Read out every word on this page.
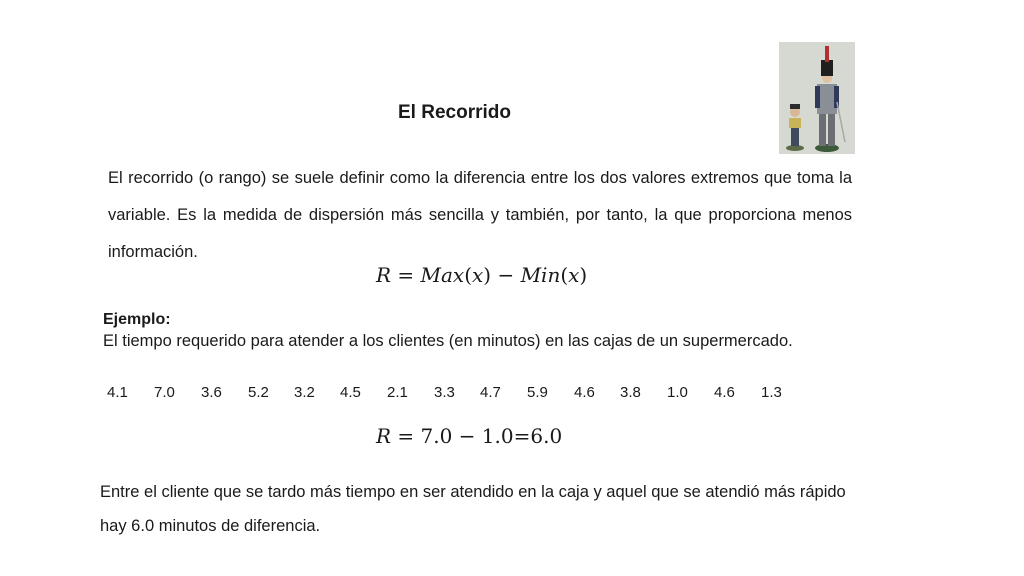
El Recorrido
El recorrido (o rango) se suele definir como la diferencia entre los dos valores extremos que toma la variable. Es la medida de dispersión más sencilla y también, por tanto, la que proporciona menos información.
𝑅 = 𝑀𝑎𝑥(𝑥) − 𝑀𝑖𝑛(𝑥)
Ejemplo:
El tiempo requerido para atender a los clientes (en minutos) en las cajas de un supermercado.
4.1 7.0 3.6 5.2 3.2 4.5 2.1 3.3 4.7 5.9 4.6 3.8 1.0 4.6 1.3
𝑅 = 7.0 − 1.0=6.0
Entre el cliente que se tardo más tiempo en ser atendido en la caja y aquel que se atendió más rápido hay 6.0 minutos de diferencia.
